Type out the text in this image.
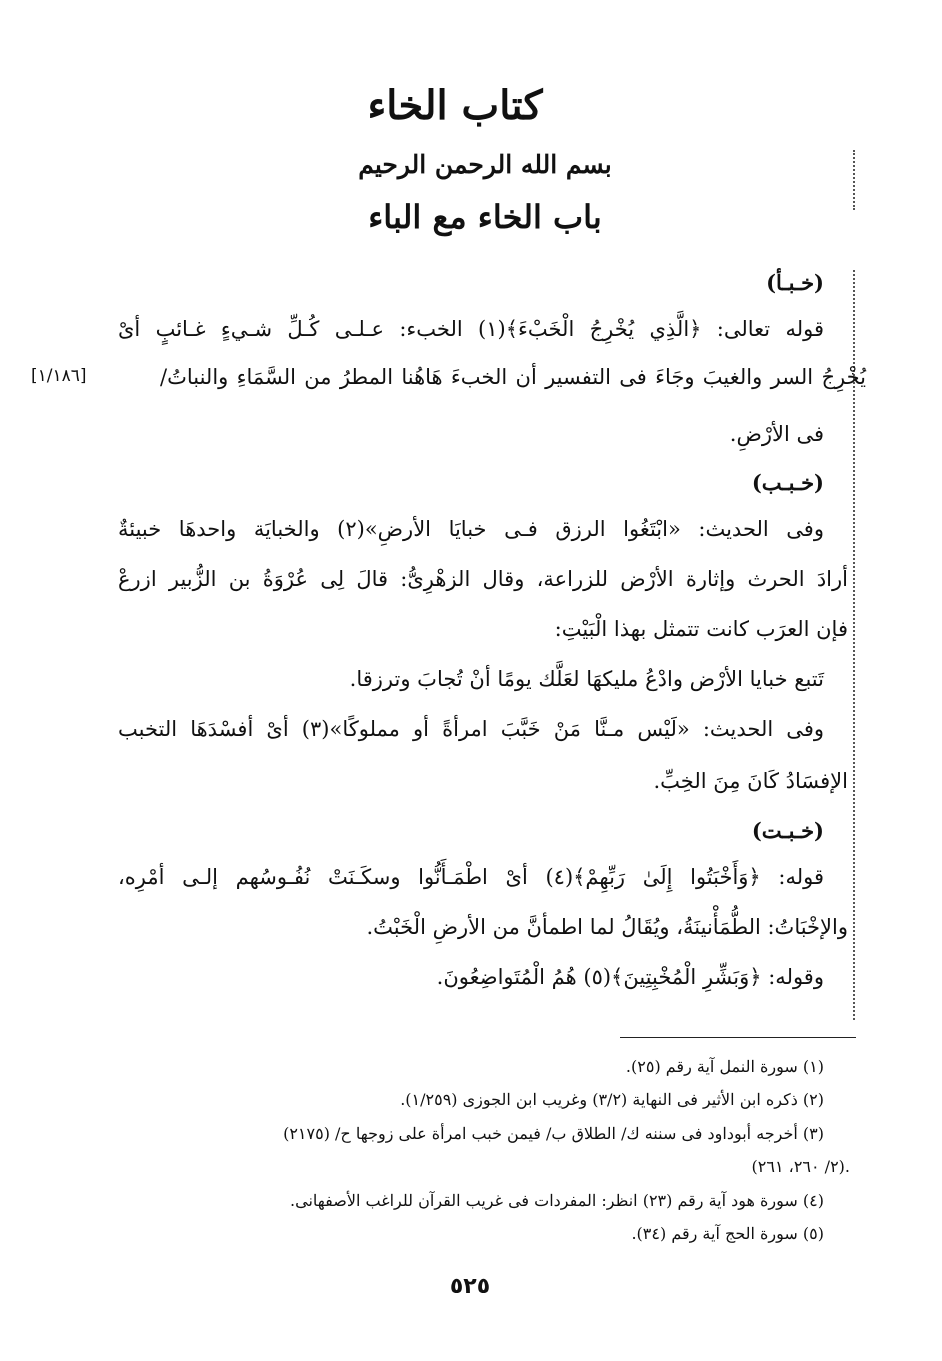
كتاب الخاء
بسم الله الرحمن الرحيم
باب الخاء مع الباء
(خـبـأ)
قوله تعالى: ﴿الَّذِي يُخْرِجُ الْخَبْءَ﴾(١) الخبء: عـلـى كُـلِّ شـيءٍ غـائبٍ أىْ
يُخْرِجُ السر والغيبَ وجَاءَ فى التفسير أن الخبءَ هَاهُنا المطرُ من السَّمَاءِ والنباتُ/
[١/١٨٦]
فى الأرْضِ.
(خـبـب)
وفى الحديث: «ابْتَغُوا الرزق فـى خبايَا الأرضِ»(٢) والخبايَة واحدهَا خبيئةٌ
أرادَ الحرث وإثارة الأرْض للزراعة، وقال الزهْرِىُّ: قالَ لِى عُرْوَةُ بن الزُّبير ازرعْ
فإن العرَب كانت تتمثل بهذا الْبَيْتِ:
تَتبع خبايا الأرْض وادْعُ مليكهَا لعَلَّك يومًا أنْ تُجابَ وترزقا.
وفى الحديث: «لَيْس مـنَّا مَنْ خَبَّبَ امرأةً أو مملوكًا»(٣) أىْ أفسْدَهَا التخبب
الإفسَادُ كَانَ مِنَ الخِبِّ.
(خـبـت)
قوله: ﴿وَأَخْبَتُوا إِلَىٰ رَبِّهِمْ﴾(٤) أىْ اطْمَـأَنُّوا وسكَـنَتْ نُفُـوسُهم إلـى أمْرِه،
والإخْبَاتُ: الطُّمَأْنينَةُ، ويُقَالُ لما اطمأنَّ من الأرضِ الْخَبْتُ.
وقوله: ﴿وَبَشِّرِ الْمُخْبِتِينَ﴾(٥) هُمُ الْمُتَواضِعُونَ.
(١) سورة النمل آية رقم (٢٥).
(٢) ذكره ابن الأثير فى النهاية (٣/٢) وغريب ابن الجوزى (١/٢٥٩).
(٣) أخرجه أبوداود فى سننه ك/ الطلاق ب/ فيمن خبب امرأة على زوجها ح/ (٢١٧٥)
(٢/ ٢٦٠، ٢٦١).
(٤) سورة هود آية رقم (٢٣) انظر: المفردات فى غريب القرآن للراغب الأصفهانى.
(٥) سورة الحج آية رقم (٣٤).
٥٢٥
